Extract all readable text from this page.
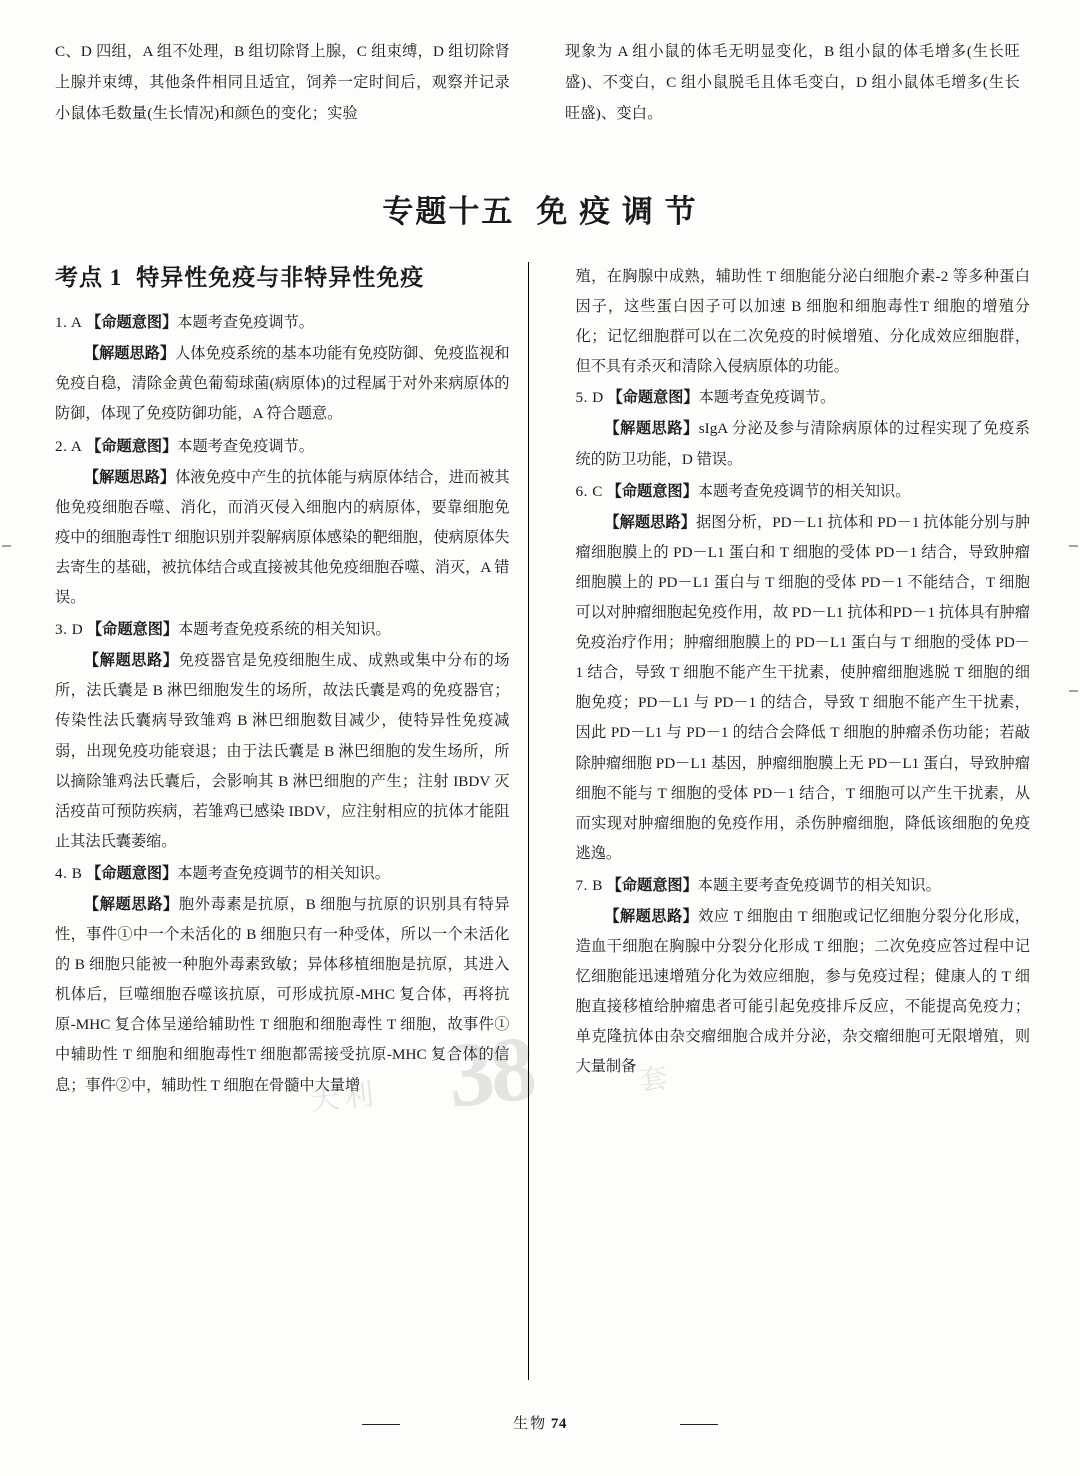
C、D 四组，A 组不处理，B 组切除肾上腺，C 组束缚，D 组切除肾上腺并束缚，其他条件相同且适宜，饲养一定时间后，观察并记录小鼠体毛数量(生长情况)和颜色的变化；实验
现象为 A 组小鼠的体毛无明显变化，B 组小鼠的体毛增多(生长旺盛)、不变白，C 组小鼠脱毛且体毛变白，D 组小鼠体毛增多(生长旺盛)、变白。
专题十五 免 疫 调 节
考点 1 特异性免疫与非特异性免疫
1. A 【命题意图】本题考查免疫调节。
【解题思路】人体免疫系统的基本功能有免疫防御、免疫监视和免疫自稳，清除金黄色葡萄球菌(病原体)的过程属于对外来病原体的防御，体现了免疫防御功能，A 符合题意。
2. A 【命题意图】本题考查免疫调节。
【解题思路】体液免疫中产生的抗体能与病原体结合，进而被其他免疫细胞吞噬、消化，而消灭侵入细胞内的病原体，要靠细胞免疫中的细胞毒性T 细胞识别并裂解病原体感染的靶细胞，使病原体失去寄生的基础，被抗体结合或直接被其他免疫细胞吞噬、消灭，A 错误。
3. D 【命题意图】本题考查免疫系统的相关知识。
【解题思路】免疫器官是免疫细胞生成、成熟或集中分布的场所，法氏囊是 B 淋巴细胞发生的场所，故法氏囊是鸡的免疫器官；传染性法氏囊病导致雏鸡 B 淋巴细胞数目减少，使特异性免疫减弱，出现免疫功能衰退；由于法氏囊是 B 淋巴细胞的发生场所，所以摘除雏鸡法氏囊后，会影响其 B 淋巴细胞的产生；注射 IBDV 灭活疫苗可预防疾病，若雏鸡已感染 IBDV，应注射相应的抗体才能阻止其法氏囊萎缩。
4. B 【命题意图】本题考查免疫调节的相关知识。
【解题思路】胞外毒素是抗原，B 细胞与抗原的识别具有特异性，事件①中一个未活化的 B 细胞只有一种受体，所以一个未活化的 B 细胞只能被一种胞外毒素致敏；异体移植细胞是抗原，其进入机体后，巨噬细胞吞噬该抗原，可形成抗原-MHC 复合体，再将抗原-MHC 复合体呈递给辅助性 T 细胞和细胞毒性 T 细胞，故事件①中辅助性 T 细胞和细胞毒性T 细胞都需接受抗原-MHC 复合体的信息；事件②中，辅助性 T 细胞在骨髓中大量增
殖，在胸腺中成熟，辅助性 T 细胞能分泌白细胞介素-2 等多种蛋白因子，这些蛋白因子可以加速 B 细胞和细胞毒性T 细胞的增殖分化；记忆细胞群可以在二次免疫的时候增殖、分化成效应细胞群，但不具有杀灭和清除入侵病原体的功能。
5. D 【命题意图】本题考查免疫调节。
【解题思路】sIgA 分泌及参与清除病原体的过程实现了免疫系统的防卫功能，D 错误。
6. C 【命题意图】本题考查免疫调节的相关知识。
【解题思路】据图分析，PD－L1 抗体和 PD－1 抗体能分别与肿瘤细胞膜上的 PD－L1 蛋白和 T 细胞的受体 PD－1 结合，导致肿瘤细胞膜上的 PD－L1 蛋白与 T 细胞的受体 PD－1 不能结合，T 细胞可以对肿瘤细胞起免疫作用，故 PD－L1 抗体和PD－1 抗体具有肿瘤免疫治疗作用；肿瘤细胞膜上的 PD－L1 蛋白与 T 细胞的受体 PD－1 结合，导致 T 细胞不能产生干扰素，使肿瘤细胞逃脱 T 细胞的细胞免疫；PD－L1 与 PD－1 的结合，导致 T 细胞不能产生干扰素，因此 PD－L1 与 PD－1 的结合会降低 T 细胞的肿瘤杀伤功能；若敲除肿瘤细胞 PD－L1 基因，肿瘤细胞膜上无 PD－L1 蛋白，导致肿瘤细胞不能与 T 细胞的受体 PD－1 结合，T 细胞可以产生干扰素，从而实现对肿瘤细胞的免疫作用，杀伤肿瘤细胞，降低该细胞的免疫逃逸。
7. B 【命题意图】本题主要考查免疫调节的相关知识。
【解题思路】效应 T 细胞由 T 细胞或记忆细胞分裂分化形成，造血干细胞在胸腺中分裂分化形成 T 细胞；二次免疫应答过程中记忆细胞能迅速增殖分化为效应细胞，参与免疫过程；健康人的 T 细胞直接移植给肿瘤患者可能引起免疫排斥反应，不能提高免疫力；单克隆抗体由杂交瘤细胞合成并分泌，杂交瘤细胞可无限增殖，则大量制备
天利 38	套
生物 74
